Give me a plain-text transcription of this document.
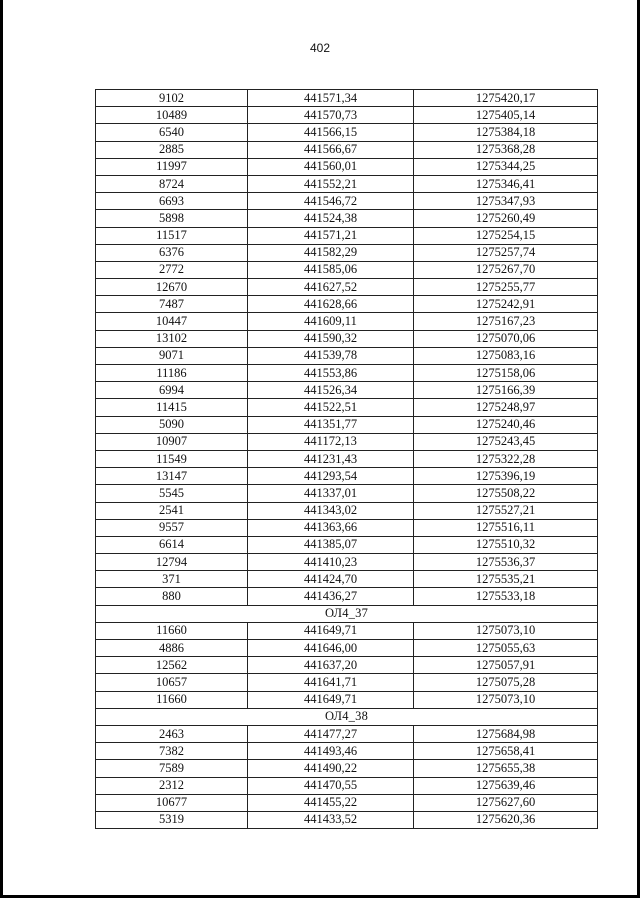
402
9102	441571,34	1275420,17
10489	441570,73	1275405,14
6540	441566,15	1275384,18
2885	441566,67	1275368,28
11997	441560,01	1275344,25
8724	441552,21	1275346,41
6693	441546,72	1275347,93
5898	441524,38	1275260,49
11517	441571,21	1275254,15
6376	441582,29	1275257,74
2772	441585,06	1275267,70
12670	441627,52	1275255,77
7487	441628,66	1275242,91
10447	441609,11	1275167,23
13102	441590,32	1275070,06
9071	441539,78	1275083,16
11186	441553,86	1275158,06
6994	441526,34	1275166,39
11415	441522,51	1275248,97
5090	441351,77	1275240,46
10907	441172,13	1275243,45
11549	441231,43	1275322,28
13147	441293,54	1275396,19
5545	441337,01	1275508,22
2541	441343,02	1275527,21
9557	441363,66	1275516,11
6614	441385,07	1275510,32
12794	441410,23	1275536,37
371	441424,70	1275535,21
880	441436,27	1275533,18
ОЛ4_37		
11660	441649,71	1275073,10
4886	441646,00	1275055,63
12562	441637,20	1275057,91
10657	441641,71	1275075,28
11660	441649,71	1275073,10
ОЛ4_38		
2463	441477,27	1275684,98
7382	441493,46	1275658,41
7589	441490,22	1275655,38
2312	441470,55	1275639,46
10677	441455,22	1275627,60
5319	441433,52	1275620,36
